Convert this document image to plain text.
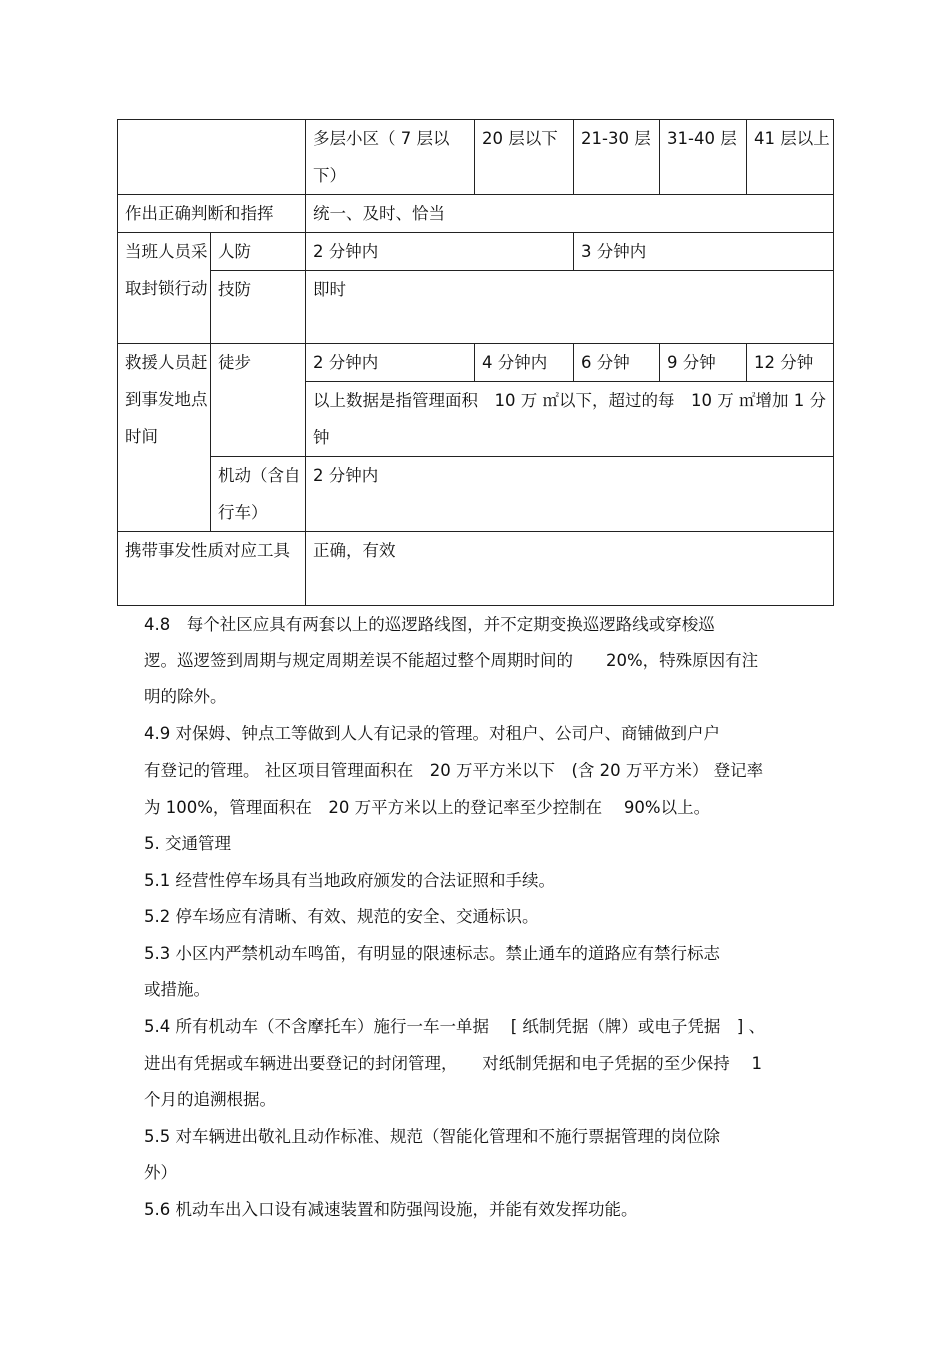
		多层小区（ 7 层以下）	20 层以下	21-30 层	31-40 层	41 层以上
作出正确判断和指挥		统一、及时、恰当				
当班人员采取封锁行动	人防	2 分钟内		3 分钟内		
	技防	即时				
救援人员赶到事发地点时间	徒步	2 分钟内	4 分钟内	6 分钟	9 分钟	12 分钟
		以上数据是指管理面积　10 万 ㎡以下，超过的每　10 万 ㎡增加 1 分钟				
	机动（含自行车）	2 分钟内				
携带事发性质对应工具		正确，有效				
4.8　每个社区应具有两套以上的巡逻路线图，并不定期变换巡逻路线或穿梭巡
逻。巡逻签到周期与规定周期差误不能超过整个周期时间的　　20%，特殊原因有注
明的除外。
4.9 对保姆、钟点工等做到人人有记录的管理。对租户、公司户、商铺做到户户
有登记的管理。 社区项目管理面积在　20 万平方米以下　(含 20 万平方米） 登记率
为 100%，管理面积在　20 万平方米以上的登记率至少控制在　 90%以上。
5. 交通管理
5.1 经营性停车场具有当地政府颁发的合法证照和手续。
5.2 停车场应有清晰、有效、规范的安全、交通标识。
5.3 小区内严禁机动车鸣笛，有明显的限速标志。禁止通车的道路应有禁行标志
或措施。
5.4 所有机动车（不含摩托车）施行一车一单据　 [ 纸制凭据（牌）或电子凭据　] 、
进出有凭据或车辆进出要登记的封闭管理，　　对纸制凭据和电子凭据的至少保持　 1
个月的追溯根据。
5.5 对车辆进出敬礼且动作标准、规范（智能化管理和不施行票据管理的岗位除
外）
5.6 机动车出入口设有减速装置和防强闯设施，并能有效发挥功能。
